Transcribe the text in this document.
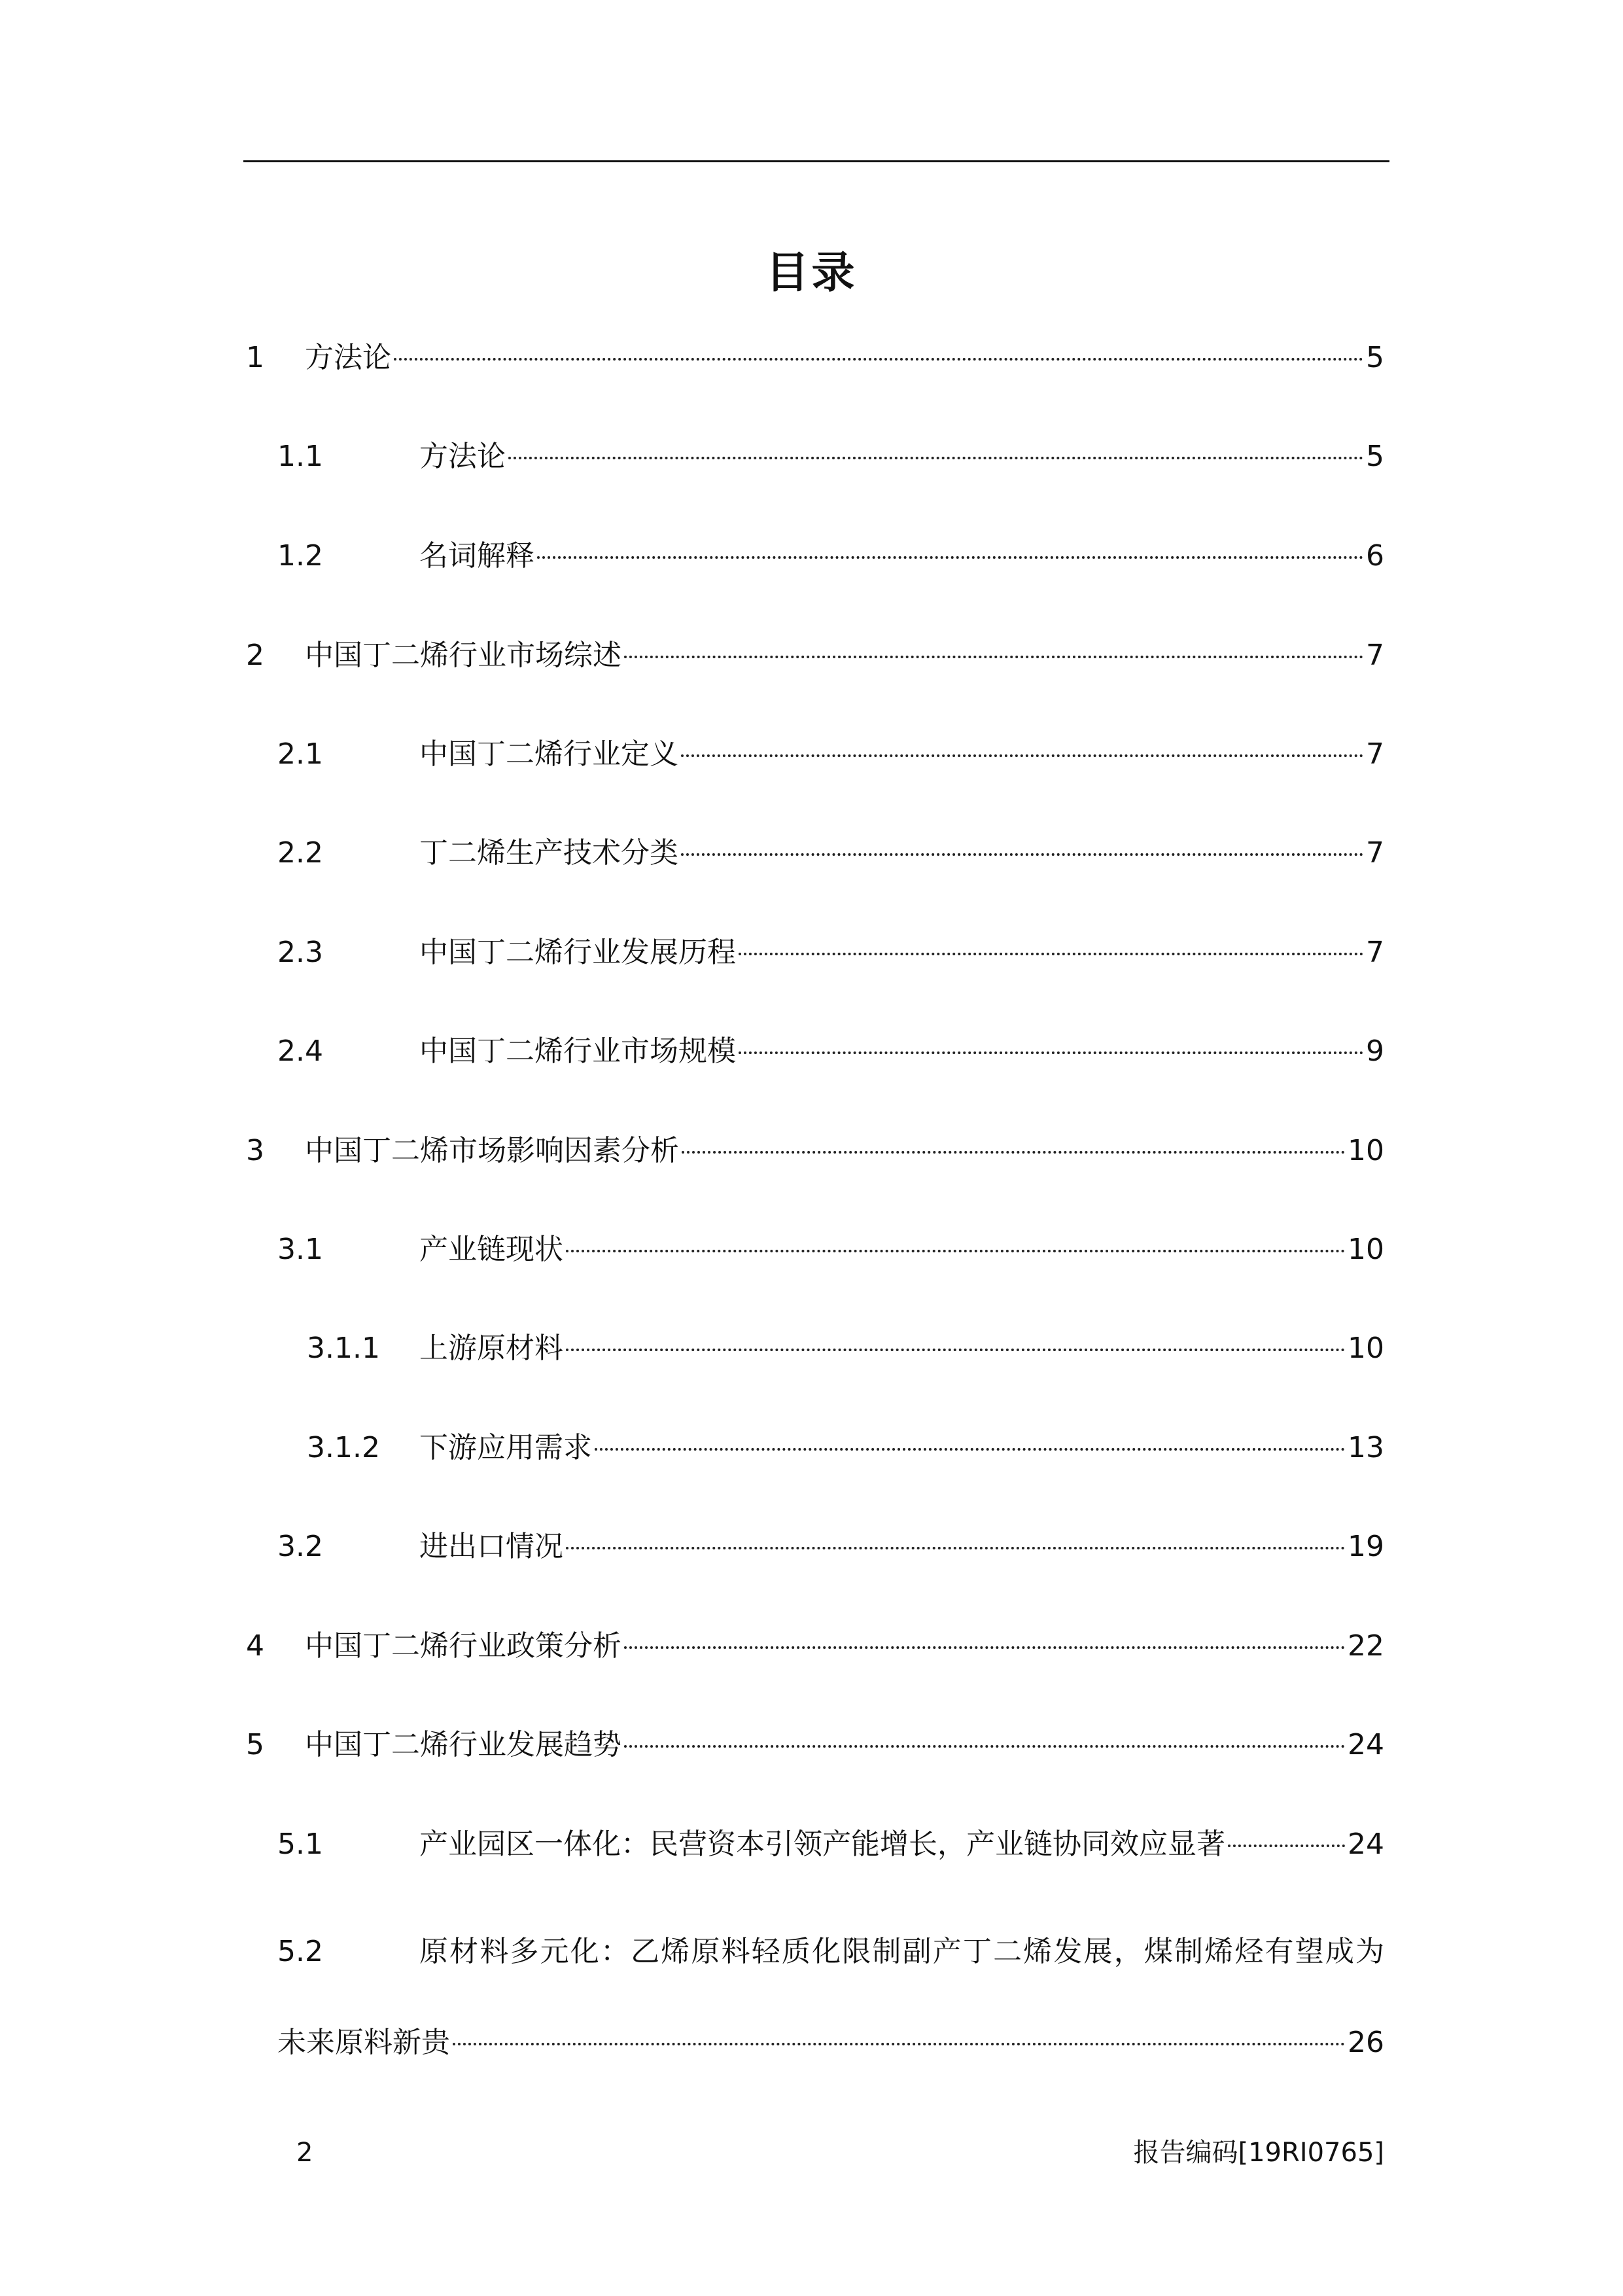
目录
1 方法论	5
1.1	方法论	5
1.2	名词解释	6
2 中国丁二烯行业市场综述	7
2.1	中国丁二烯行业定义	7
2.2	丁二烯生产技术分类	7
2.3	中国丁二烯行业发展历程	7
2.4	中国丁二烯行业市场规模	9
3 中国丁二烯市场影响因素分析	10
3.1	产业链现状	10
3.1.1 上游原材料	10
3.1.2 下游应用需求	13
3.2	进出口情况	19
4 中国丁二烯行业政策分析	22
5 中国丁二烯行业发展趋势	24
5.1	产业园区一体化：民营资本引领产能增长，产业链协同效应显著	24
5.2	原材料多元化：乙烯原料轻质化限制副产丁二烯发展，煤制烯烃有望成为
未来原料新贵	26
2	报告编码[19RI0765]
